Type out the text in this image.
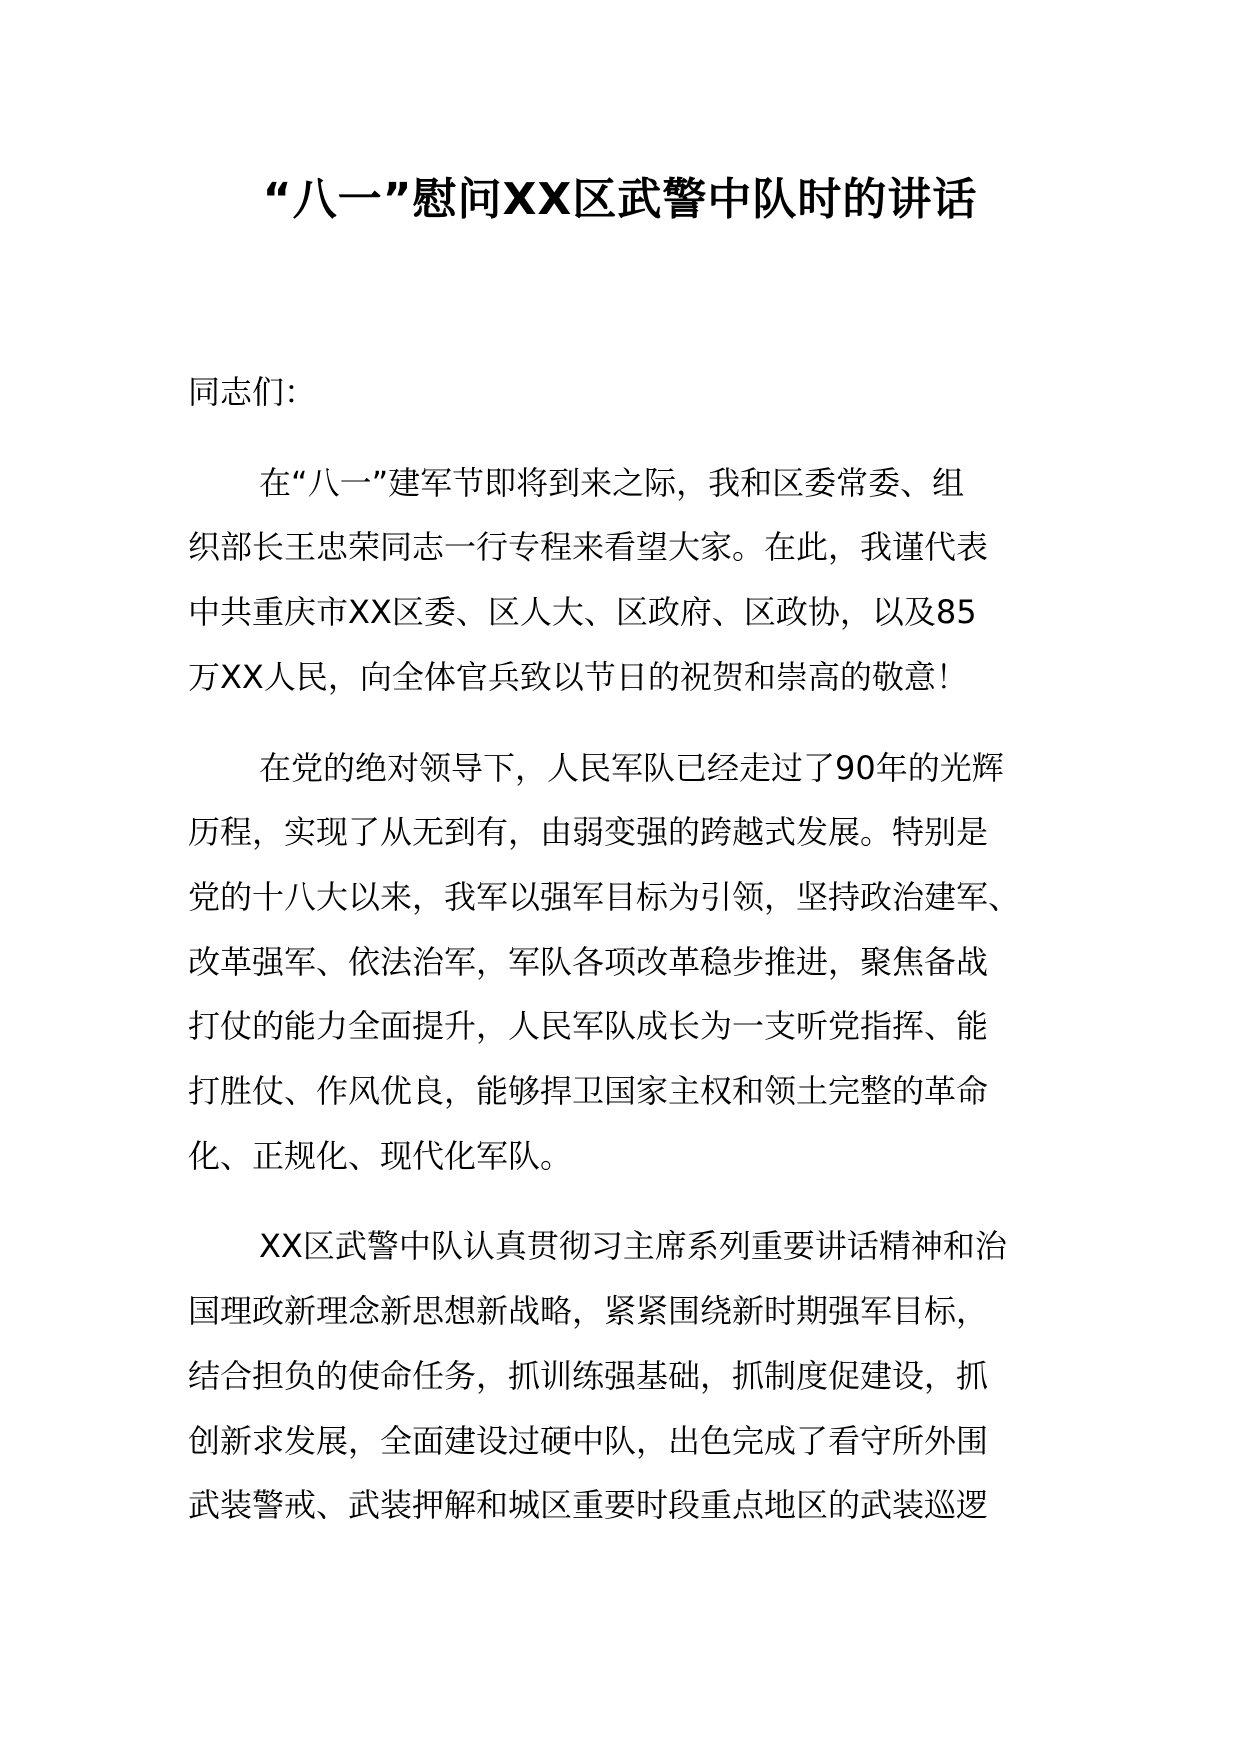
“八一”慰问XX区武警中队时的讲话

同志们：

在“八一”建军节即将到来之际，我和区委常委、组
织部长王忠荣同志一行专程来看望大家。在此，我谨代表
中共重庆市XX区委、区人大、区政府、区政协，以及85
万XX人民，向全体官兵致以节日的祝贺和崇高的敬意！
在党的绝对领导下，人民军队已经走过了90年的光辉
历程，实现了从无到有，由弱变强的跨越式发展。特别是
党的十八大以来，我军以强军目标为引领，坚持政治建军、
改革强军、依法治军，军队各项改革稳步推进，聚焦备战
打仗的能力全面提升，人民军队成长为一支听党指挥、能
打胜仗、作风优良，能够捍卫国家主权和领土完整的革命
化、正规化、现代化军队。
XX区武警中队认真贯彻习主席系列重要讲话精神和治
国理政新理念新思想新战略，紧紧围绕新时期强军目标，
结合担负的使命任务，抓训练强基础，抓制度促建设，抓
创新求发展，全面建设过硬中队，出色完成了看守所外围
武装警戒、武装押解和城区重要时段重点地区的武装巡逻
